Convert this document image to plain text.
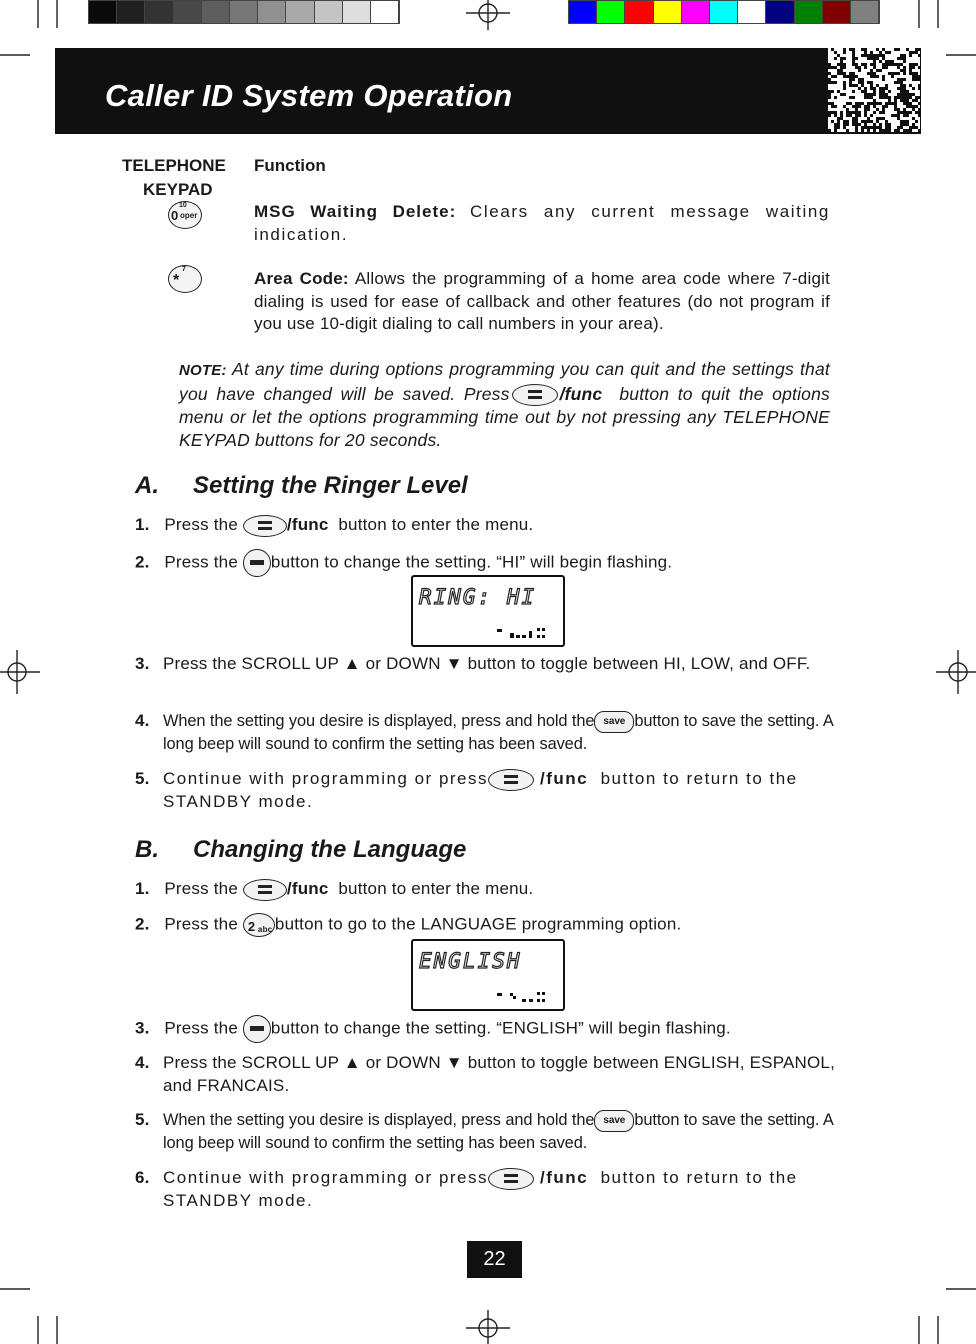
Caller ID System Operation
TELEPHONE
KEYPAD
Function
10
0 oper	MSG Waiting Delete: Clears any current message waiting indication.
7
*	Area Code: Allows the programming of a home area code where 7-digit dialing is used for ease of callback and other features (do not program if you use 10-digit dialing to call numbers in your area).
NOTE: At any time during options programming you can quit and the settings that you have changed will be saved. Press	/func button to quit the options menu or let the options programming time out by not pressing any TELEPHONE KEYPAD buttons for 20 seconds.
A. Setting the Ringer Level
1. Press the	/func button to enter the menu.
2. Press the button to change the setting. “HI” will begin flashing.
RING: HI
3. Press the SCROLL UP ▲ or DOWN ▼ button to toggle between HI, LOW, and OFF.
4. When the setting you desire is displayed, press and hold the save button to save the setting. A long beep will sound to confirm the setting has been saved.
5. Continue with programming or press	/func button to return to the STANDBY mode.
B. Changing the Language
1. Press the	/func button to enter the menu.
2. Press the 2 abc button to go to the LANGUAGE programming option.
ENGLISH
3. Press the button to change the setting. “ENGLISH” will begin flashing.
4. Press the SCROLL UP ▲ or DOWN ▼ button to toggle between ENGLISH, ESPANOL, and FRANCAIS.
5. When the setting you desire is displayed, press and hold the save button to save the setting. A long beep will sound to confirm the setting has been saved.
6. Continue with programming or press	/func button to return to the STANDBY mode.
22
